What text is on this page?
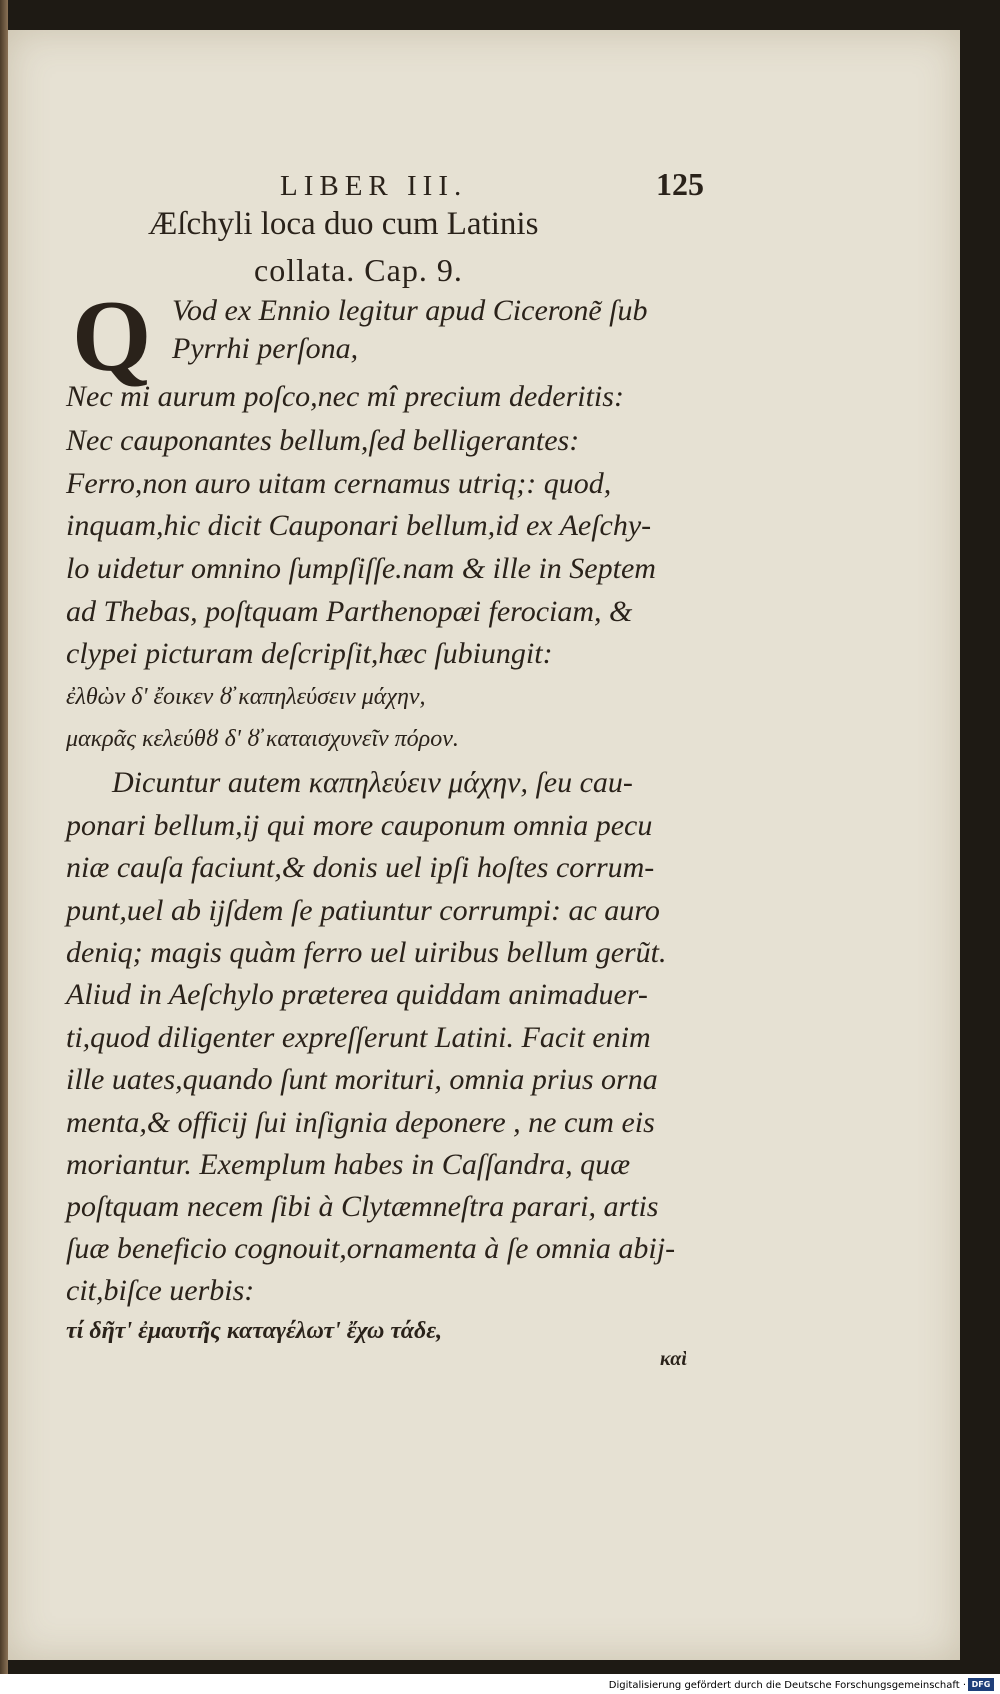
LIBER III.	125
Æſchyli loca duo cum Latinis
collata. Cap. 9.
Q Vod ex Ennio legitur apud Cicerone͂ ſub
Pyrrhi perſona,
Nec mi aurum poſco,nec mî precium dederitis:
Nec cauponantes bellum,ſed belligerantes:
Ferro,non auro uitam cernamus utriq;: quod,
inquam,hic dicit Cauponari bellum,id ex Aeſchy-
lo uidetur omnino ſumpſiſſe.nam & ille in Septem
ad Thebas, poſtquam Parthenopæi ferociam, &
clypei picturam deſcripſit,hæc ſubiungit:
ἐλθὼν δ' ἔοικεν ȣ̓ καπηλεύσειν μάχην,
μακρᾶς κελεύθȣ δ' ȣ̓ καταισχυνεῖν πόρον.
Dicuntur autem καπηλεύειν μάχην, ſeu cau-
ponari bellum,ij qui more cauponum omnia pecu
niæ cauſa faciunt,& donis uel ipſi hoſtes corrum-
punt,uel ab ijſdem ſe patiuntur corrumpi: ac auro
deniq; magis quàm ferro uel uiribus bellum gerũt.
Aliud in Aeſchylo præterea quiddam animaduer-
ti,quod diligenter expreſſerunt Latini. Facit enim
ille uates,quando ſunt morituri, omnia prius orna
menta,& officij ſui inſignia deponere , ne cum eis
moriantur. Exemplum habes in Caſſandra, quæ
poſtquam necem ſibi à Clytæmneſtra parari, artis
ſuæ beneficio cognouit,ornamenta à ſe omnia abij-
cit,biſce uerbis:
τί δῆτ' ἐμαυτῆς καταγέλωτ' ἔχω τάδε,
καὶ
Digitalisierung gefördert durch die Deutsche Forschungsgemeinschaft · DFG
